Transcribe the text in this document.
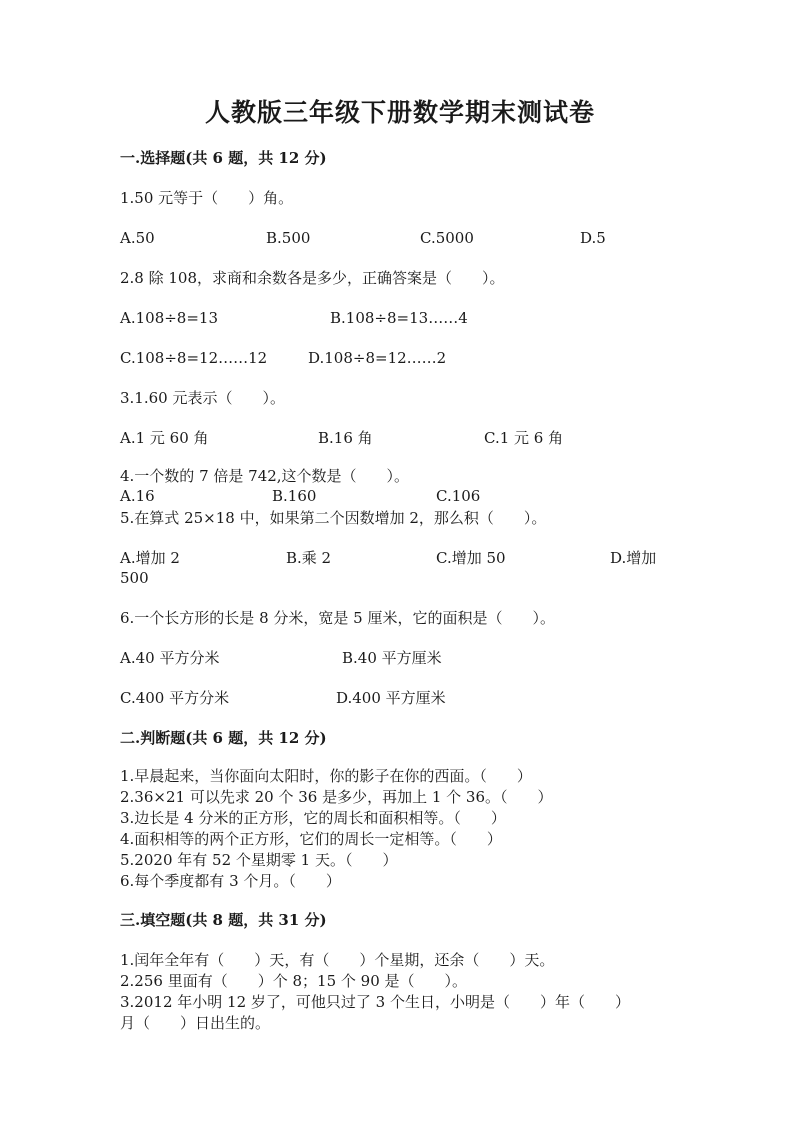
人教版三年级下册数学期末测试卷
一.选择题(共 6 题，共 12 分)
1.50 元等于（　　）角。
A.50	B.500	C.5000	D.5
2.8 除 108，求商和余数各是多少，正确答案是（　　）。
A.108÷8=13	B.108÷8=13……4
C.108÷8=12……12	D.108÷8=12……2
3.1.60 元表示（　　）。
A.1 元 60 角	B.16 角	C.1 元 6 角
4.一个数的 7 倍是 742,这个数是（　　）。
A.16	B.160	C.106
5.在算式 25×18 中，如果第二个因数增加 2，那么积（　　）。
A.增加 2	B.乘 2	C.增加 50	D.增加
500
6.一个长方形的长是 8 分米，宽是 5 厘米，它的面积是（　　）。
A.40 平方分米	B.40 平方厘米
C.400 平方分米	D.400 平方厘米
二.判断题(共 6 题，共 12 分)
1.早晨起来，当你面向太阳时，你的影子在你的西面。（　　）
2.36×21 可以先求 20 个 36 是多少，再加上 1 个 36。（　　）
3.边长是 4 分米的正方形，它的周长和面积相等。（　　）
4.面积相等的两个正方形，它们的周长一定相等。（　　）
5.2020 年有 52 个星期零 1 天。（　　）
6.每个季度都有 3 个月。（　　）
三.填空题(共 8 题，共 31 分)
1.闰年全年有（　　）天，有（　　）个星期，还余（　　）天。
2.256 里面有（　　）个 8；15 个 90 是（　　）。
3.2012 年小明 12 岁了，可他只过了 3 个生日，小明是（　　）年（　　）
月（　　）日出生的。
